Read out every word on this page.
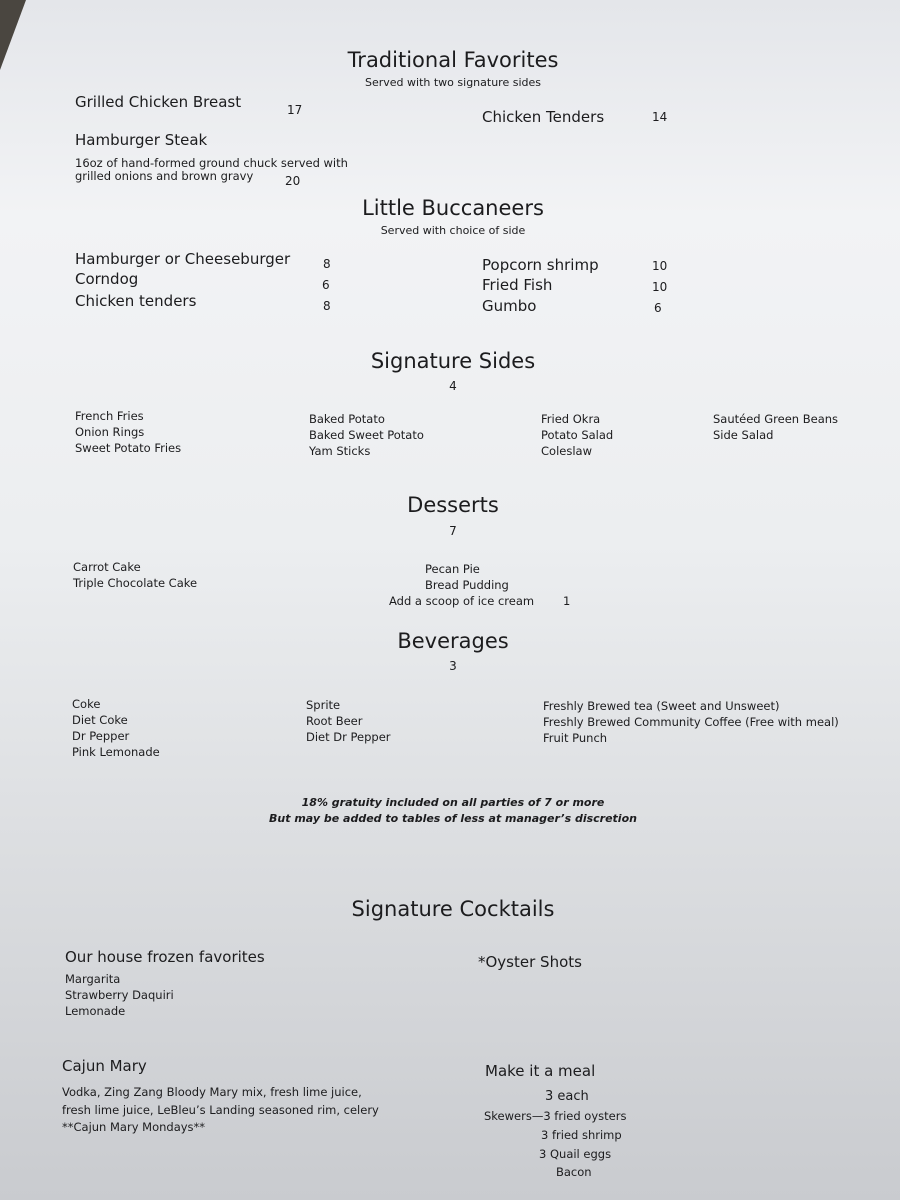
Traditional Favorites
Served with two signature sides
Grilled Chicken Breast	17	Chicken Tenders	14
Hamburger Steak
16oz of hand-formed ground chuck served with
grilled onions and brown gravy	20
Little Buccaneers
Served with choice of side
Hamburger or Cheeseburger	8
Corndog	6
Chicken tenders	8
Popcorn shrimp	10
Fried Fish	10
Gumbo	6
Signature Sides
4
French Fries
Onion Rings
Sweet Potato Fries
Baked Potato
Baked Sweet Potato
Yam Sticks
Fried Okra
Potato Salad
Coleslaw
Sautéed Green Beans
Side Salad
Desserts
7
Carrot Cake
Triple Chocolate Cake
Pecan Pie
Bread Pudding
Add a scoop of ice cream	1
Beverages
3
Coke
Diet Coke
Dr Pepper
Pink Lemonade
Sprite
Root Beer
Diet Dr Pepper
Freshly Brewed tea (Sweet and Unsweet)
Freshly Brewed Community Coffee (Free with meal)
Fruit Punch
18% gratuity included on all parties of 7 or more
But may be added to tables of less at manager’s discretion
Signature Cocktails
Our house frozen favorites
Margarita
Strawberry Daquiri
Lemonade
*Oyster Shots
Cajun Mary
Vodka, Zing Zang Bloody Mary mix, fresh lime juice,
fresh lime juice, LeBleu’s Landing seasoned rim, celery
**Cajun Mary Mondays**
Make it a meal
3 each
Skewers—3 fried oysters
3 fried shrimp
3 Quail eggs
Bacon
